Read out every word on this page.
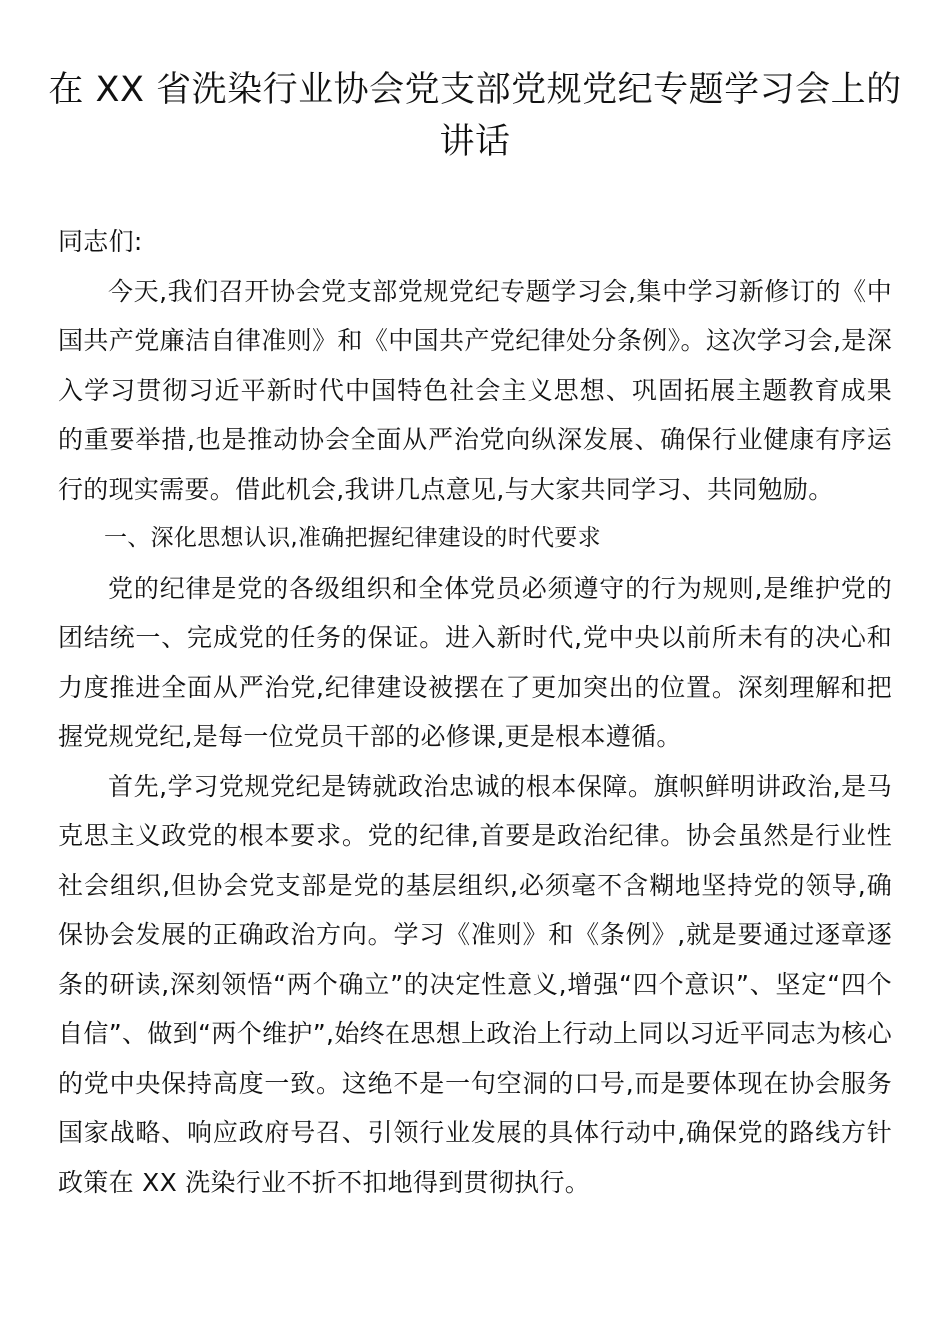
在 XX 省洗染行业协会党支部党规党纪专题学习会上的讲话

同志们:

今天,我们召开协会党支部党规党纪专题学习会,集中学习新修订的《中国共产党廉洁自律准则》和《中国共产党纪律处分条例》。这次学习会,是深入学习贯彻习近平新时代中国特色社会主义思想、巩固拓展主题教育成果的重要举措,也是推动协会全面从严治党向纵深发展、确保行业健康有序运行的现实需要。借此机会,我讲几点意见,与大家共同学习、共同勉励。

一、深化思想认识,准确把握纪律建设的时代要求

党的纪律是党的各级组织和全体党员必须遵守的行为规则,是维护党的团结统一、完成党的任务的保证。进入新时代,党中央以前所未有的决心和力度推进全面从严治党,纪律建设被摆在了更加突出的位置。深刻理解和把握党规党纪,是每一位党员干部的必修课,更是根本遵循。

首先,学习党规党纪是铸就政治忠诚的根本保障。旗帜鲜明讲政治,是马克思主义政党的根本要求。党的纪律,首要是政治纪律。协会虽然是行业性社会组织,但协会党支部是党的基层组织,必须毫不含糊地坚持党的领导,确保协会发展的正确政治方向。学习《准则》和《条例》,就是要通过逐章逐条的研读,深刻领悟“两个确立”的决定性意义,增强“四个意识”、坚定“四个自信”、做到“两个维护”,始终在思想上政治上行动上同以习近平同志为核心的党中央保持高度一致。这绝不是一句空洞的口号,而是要体现在协会服务国家战略、响应政府号召、引领行业发展的具体行动中,确保党的路线方针政策在 XX 洗染行业不折不扣地得到贯彻执行。
